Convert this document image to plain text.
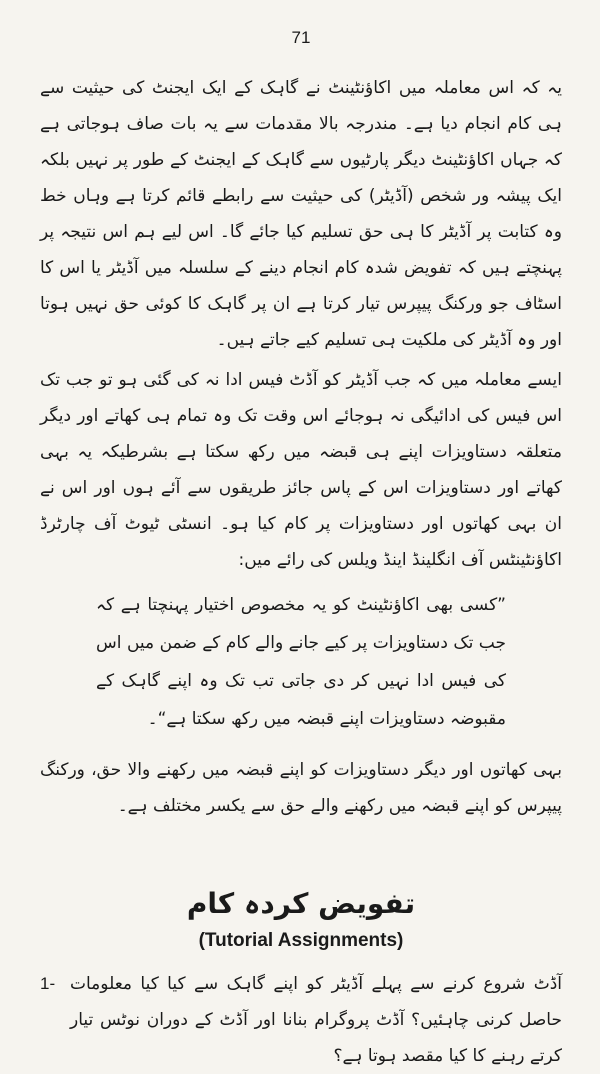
71

یہ کہ اس معاملہ میں اکاؤنٹینٹ نے گاہک کے ایک ایجنٹ کی حیثیت سے ہی کام انجام دیا ہے۔ مندرجہ بالا مقدمات سے یہ بات صاف ہوجاتی ہے کہ جہاں اکاؤنٹینٹ دیگر پارٹیوں سے گاہک کے ایجنٹ کے طور پر نہیں بلکہ ایک پیشہ ور شخص (آڈیٹر) کی حیثیت سے رابطے قائم کرتا ہے وہاں خط وہ کتابت پر آڈیٹر کا ہی حق تسلیم کیا جائے گا۔ اس لیے ہم اس نتیجہ پر پہنچتے ہیں کہ تفویض شدہ کام انجام دینے کے سلسلہ میں آڈیٹر یا اس کا اسٹاف جو ورکنگ پیپرس تیار کرتا ہے ان پر گاہک کا کوئی حق نہیں ہوتا اور وہ آڈیٹر کی ملکیت ہی تسلیم کیے جاتے ہیں۔

ایسے معاملہ میں کہ جب آڈیٹر کو آڈٹ فیس ادا نہ کی گئی ہو تو جب تک اس فیس کی ادائیگی نہ ہوجائے اس وقت تک وہ تمام ہی کھاتے اور دیگر متعلقہ دستاویزات اپنے ہی قبضہ میں رکھ سکتا ہے بشرطیکہ یہ بہی کھاتے اور دستاویزات اس کے پاس جائز طریقوں سے آئے ہوں اور اس نے ان بہی کھاتوں اور دستاویزات پر کام کیا ہو۔ انسٹی ٹیوٹ آف چارٹرڈ اکاؤنٹینٹس آف انگلینڈ اینڈ ویلس کی رائے میں:

”کسی بھی اکاؤنٹینٹ کو یہ مخصوص اختیار پہنچتا ہے کہ جب تک دستاویزات پر کیے جانے والے کام کے ضمن میں اس کی فیس ادا نہیں کر دی جاتی تب تک وہ اپنے گاہک کے مقبوضہ دستاویزات اپنے قبضہ میں رکھ سکتا ہے“۔

بہی کھاتوں اور دیگر دستاویزات کو اپنے قبضہ میں رکھنے والا حق، ورکنگ پیپرس کو اپنے قبضہ میں رکھنے والے حق سے یکسر مختلف ہے۔

تفویض کردہ کام
(Tutorial Assignments)
1- آڈٹ شروع کرنے سے پہلے آڈیٹر کو اپنے گاہک سے کیا کیا معلومات حاصل کرنی چاہئیں؟ آڈٹ پروگرام بنانا اور آڈٹ کے دوران نوٹس تیار کرتے رہنے کا کیا مقصد ہوتا ہے؟
